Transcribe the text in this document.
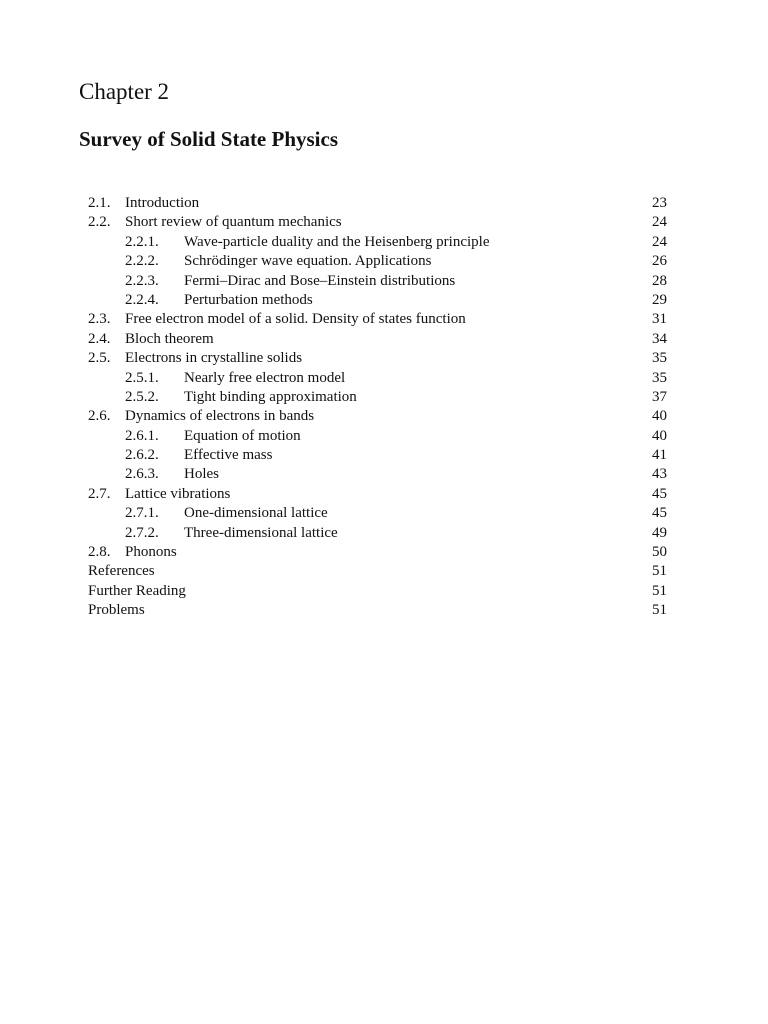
Chapter 2
Survey of Solid State Physics
2.1. Introduction	23
2.2. Short review of quantum mechanics	24
2.2.1. Wave-particle duality and the Heisenberg principle	24
2.2.2. Schrödinger wave equation. Applications	26
2.2.3. Fermi–Dirac and Bose–Einstein distributions	28
2.2.4. Perturbation methods	29
2.3. Free electron model of a solid. Density of states function	31
2.4. Bloch theorem	34
2.5. Electrons in crystalline solids	35
2.5.1. Nearly free electron model	35
2.5.2. Tight binding approximation	37
2.6. Dynamics of electrons in bands	40
2.6.1. Equation of motion	40
2.6.2. Effective mass	41
2.6.3. Holes	43
2.7. Lattice vibrations	45
2.7.1. One-dimensional lattice	45
2.7.2. Three-dimensional lattice	49
2.8. Phonons	50
References	51
Further Reading	51
Problems	51
